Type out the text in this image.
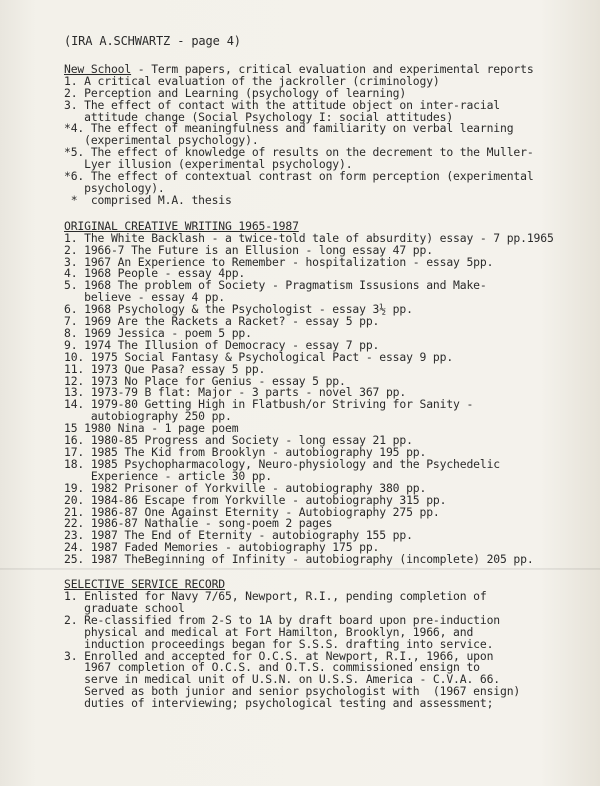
(IRA A.SCHWARTZ - page 4)
New School - Term papers, critical evaluation and experimental reports
1. A critical evaluation of the jackroller (criminology)
2. Perception and Learning (psychology of learning)
3. The effect of contact with the attitude object on inter-racial
attitude change (Social Psychology I: social attitudes)
*4. The effect of meaningfulness and familiarity on verbal learning
(experimental psychology).
*5. The effect of knowledge of results on the decrement to the Muller-
Lyer illusion (experimental psychology).
*6. The effect of contextual contrast on form perception (experimental
psychology).
*  comprised M.A. thesis
ORIGINAL CREATIVE WRITING 1965-1987
1. The White Backlash - a twice-told tale of absurdity) essay - 7 pp.1965
2. 1966-7 The Future is an Ellusion - long essay 47 pp.
3. 1967 An Experience to Remember - hospitalization - essay 5pp.
4. 1968 People - essay 4pp.
5. 1968 The problem of Society - Pragmatism Issusions and Make-
believe - essay 4 pp.
6. 1968 Psychology & the Psychologist - essay 3½ pp.
7. 1969 Are the Rackets a Racket? - essay 5 pp.
8. 1969 Jessica - poem 5 pp.
9. 1974 The Illusion of Democracy - essay 7 pp.
10. 1975 Social Fantasy & Psychological Pact - essay 9 pp.
11. 1973 Que Pasa? essay 5 pp.
12. 1973 No Place for Genius - essay 5 pp.
13. 1973-79 B flat: Major - 3 parts - novel 367 pp.
14. 1979-80 Getting High in Flatbush/or Striving for Sanity -
autobiography 250 pp.
15 1980 Nina - 1 page poem
16. 1980-85 Progress and Society - long essay 21 pp.
17. 1985 The Kid from Brooklyn - autobiography 195 pp.
18. 1985 Psychopharmacology, Neuro-physiology and the Psychedelic
Experience - article 30 pp.
19. 1982 Prisoner of Yorkville - autobiography 380 pp.
20. 1984-86 Escape from Yorkville - autobiography 315 pp.
21. 1986-87 One Against Eternity - Autobiography 275 pp.
22. 1986-87 Nathalie - song-poem 2 pages
23. 1987 The End of Eternity - autobiography 155 pp.
24. 1987 Faded Memories - autobiography 175 pp.
25. 1987 TheBeginning of Infinity - autobiography (incomplete) 205 pp.
SELECTIVE SERVICE RECORD
1. Enlisted for Navy 7/65, Newport, R.I., pending completion of
graduate school
2. Re-classified from 2-S to 1A by draft board upon pre-induction
physical and medical at Fort Hamilton, Brooklyn, 1966, and
induction proceedings began for S.S.S. drafting into service.
3. Enrolled and accepted for O.C.S. at Newport, R.I., 1966, upon
1967 completion of O.C.S. and O.T.S. commissioned ensign to
serve in medical unit of U.S.N. on U.S.S. America - C.V.A. 66.
Served as both junior and senior psychologist with  (1967 ensign)
duties of interviewing; psychological testing and assessment;
